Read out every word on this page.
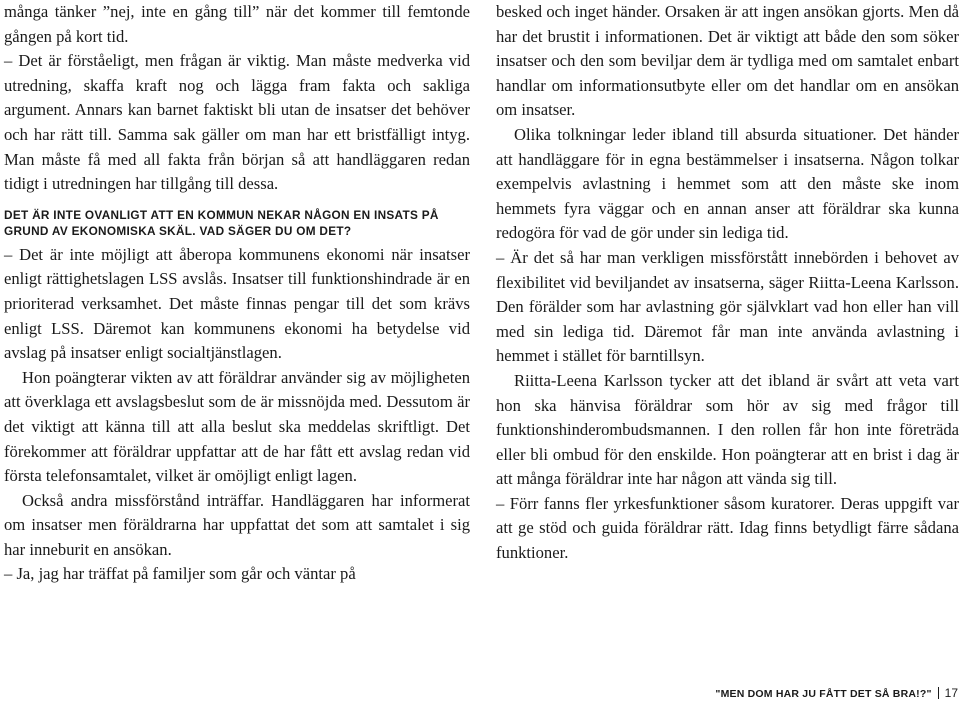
många tänker ”nej, inte en gång till” när det kommer till femtonde gången på kort tid.

– Det är förståeligt, men frågan är viktig. Man måste medverka vid utredning, skaffa kraft nog och lägga fram fakta och sakliga argument. Annars kan barnet faktiskt bli utan de insatser det behöver och har rätt till. Samma sak gäller om man har ett bristfälligt intyg. Man måste få med all fakta från början så att handläggaren redan tidigt i utredningen har tillgång till dessa.

DET ÄR INTE OVANLIGT ATT EN KOMMUN NEKAR NÅGON EN INSATS PÅ GRUND AV EKONOMISKA SKÄL. VAD SÄGER DU OM DET?

– Det är inte möjligt att åberopa kommunens ekonomi när insatser enligt rättighetslagen LSS avslås. Insatser till funktionshindrade är en prioriterad verksamhet. Det måste finnas pengar till det som krävs enligt LSS. Däremot kan kommunens ekonomi ha betydelse vid avslag på insatser enligt socialtjänstlagen.

Hon poängterar vikten av att föräldrar använder sig av möjligheten att överklaga ett avslagsbeslut som de är missnöjda med. Dessutom är det viktigt att känna till att alla beslut ska meddelas skriftligt. Det förekommer att föräldrar uppfattar att de har fått ett avslag redan vid första telefonsamtalet, vilket är omöjligt enligt lagen.

Också andra missförstånd inträffar. Handläggaren har informerat om insatser men föräldrarna har uppfattat det som att samtalet i sig har inneburit en ansökan.

– Ja, jag har träffat på familjer som går och väntar på

besked och inget händer. Orsaken är att ingen ansökan gjorts. Men då har det brustit i informationen. Det är viktigt att både den som söker insatser och den som beviljar dem är tydliga med om samtalet enbart handlar om informationsutbyte eller om det handlar om en ansökan om insatser.

Olika tolkningar leder ibland till absurda situationer. Det händer att handläggare för in egna bestämmelser i insatserna. Någon tolkar exempelvis avlastning i hemmet som att den måste ske inom hemmets fyra väggar och en annan anser att föräldrar ska kunna redogöra för vad de gör under sin lediga tid.

– Är det så har man verkligen missförstått innebörden i behovet av flexibilitet vid beviljandet av insatserna, säger Riitta-Leena Karlsson. Den förälder som har avlastning gör självklart vad hon eller han vill med sin lediga tid. Däremot får man inte använda avlastning i hemmet i stället för barntillsyn.

Riitta-Leena Karlsson tycker att det ibland är svårt att veta vart hon ska hänvisa föräldrar som hör av sig med frågor till funktionshinderombudsmannen. I den rollen får hon inte företräda eller bli ombud för den enskilde. Hon poängterar att en brist i dag är att många föräldrar inte har någon att vända sig till.

– Förr fanns fler yrkesfunktioner såsom kuratorer. Deras uppgift var att ge stöd och guida föräldrar rätt. Idag finns betydligt färre sådana funktioner.

"MEN DOM HAR JU FÅTT DET SÅ BRA!?" 17
